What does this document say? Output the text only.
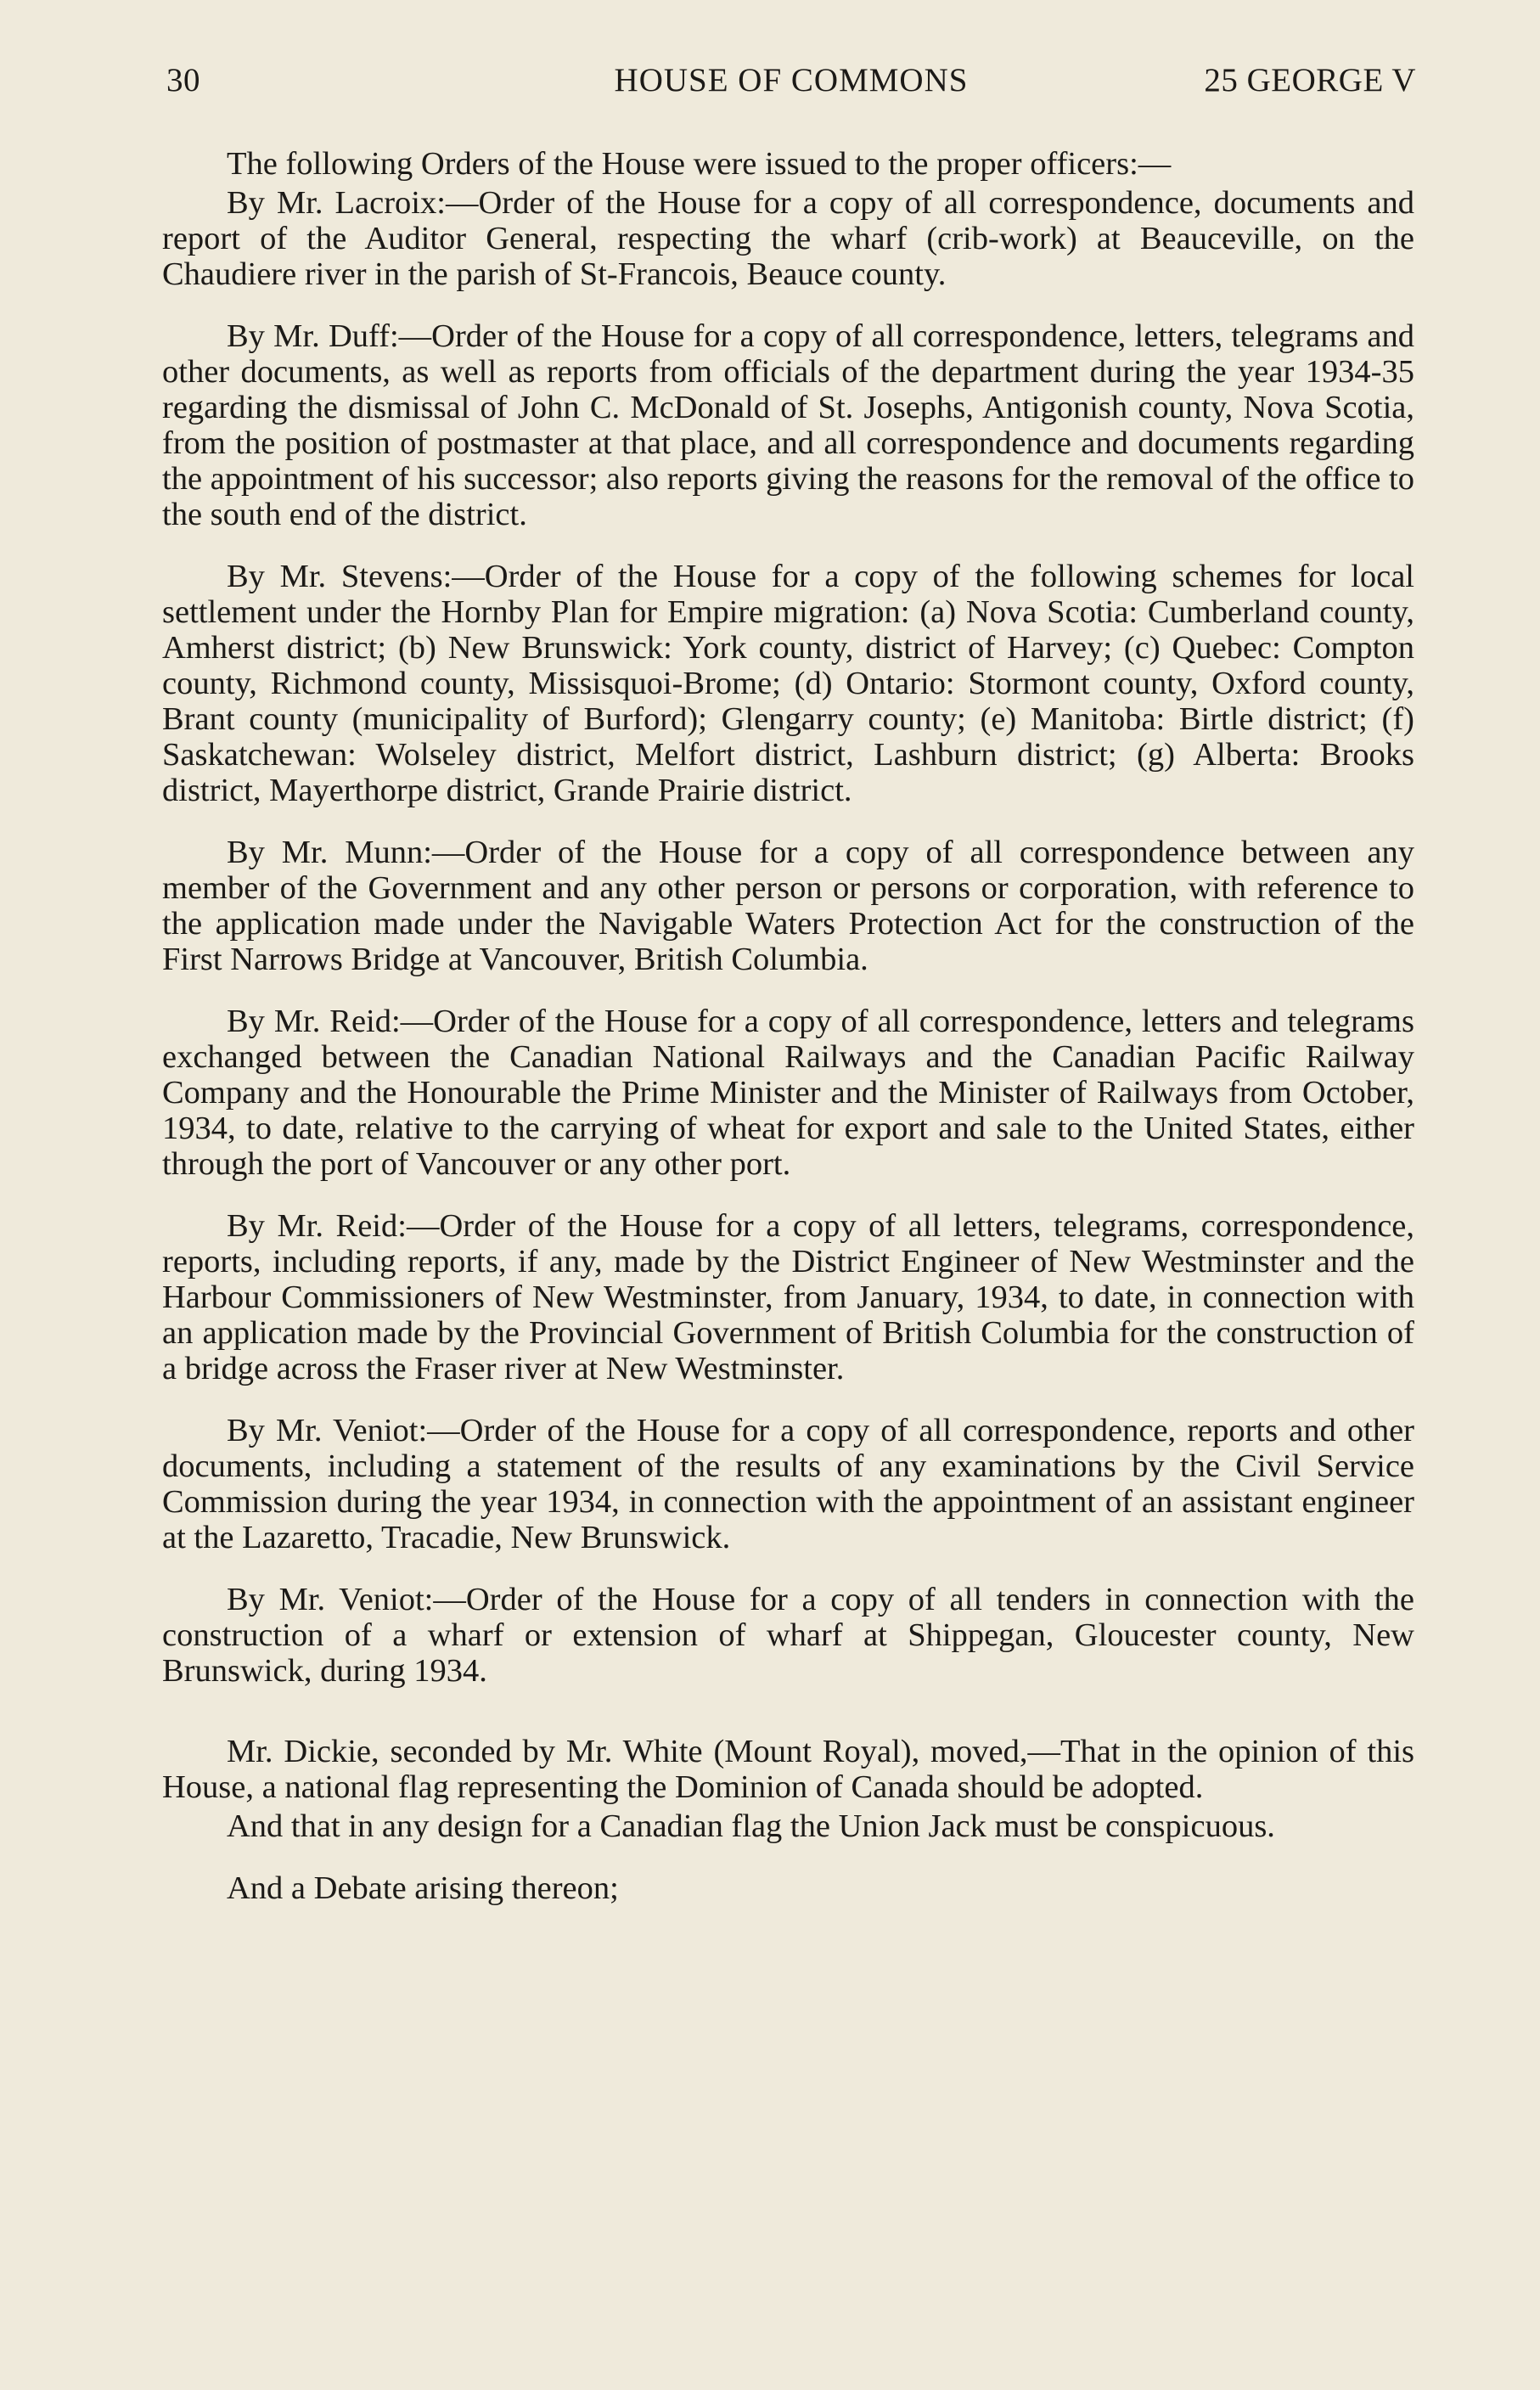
30	HOUSE OF COMMONS	25 GEORGE V

The following Orders of the House were issued to the proper officers:—

By Mr. Lacroix:—Order of the House for a copy of all correspondence, documents and report of the Auditor General, respecting the wharf (crib-work) at Beauceville, on the Chaudiere river in the parish of St-Francois, Beauce county.

By Mr. Duff:—Order of the House for a copy of all correspondence, letters, telegrams and other documents, as well as reports from officials of the department during the year 1934-35 regarding the dismissal of John C. McDonald of St. Josephs, Antigonish county, Nova Scotia, from the position of postmaster at that place, and all correspondence and documents regarding the appointment of his successor; also reports giving the reasons for the removal of the office to the south end of the district.

By Mr. Stevens:—Order of the House for a copy of the following schemes for local settlement under the Hornby Plan for Empire migration: (a) Nova Scotia: Cumberland county, Amherst district; (b) New Brunswick: York county, district of Harvey; (c) Quebec: Compton county, Richmond county, Missisquoi-Brome; (d) Ontario: Stormont county, Oxford county, Brant county (municipality of Burford); Glengarry county; (e) Manitoba: Birtle district; (f) Saskatchewan: Wolseley district, Melfort district, Lashburn district; (g) Alberta: Brooks district, Mayerthorpe district, Grande Prairie district.

By Mr. Munn:—Order of the House for a copy of all correspondence between any member of the Government and any other person or persons or corporation, with reference to the application made under the Navigable Waters Protection Act for the construction of the First Narrows Bridge at Vancouver, British Columbia.

By Mr. Reid:—Order of the House for a copy of all correspondence, letters and telegrams exchanged between the Canadian National Railways and the Canadian Pacific Railway Company and the Honourable the Prime Minister and the Minister of Railways from October, 1934, to date, relative to the carrying of wheat for export and sale to the United States, either through the port of Vancouver or any other port.

By Mr. Reid:—Order of the House for a copy of all letters, telegrams, correspondence, reports, including reports, if any, made by the District Engineer of New Westminster and the Harbour Commissioners of New Westminster, from January, 1934, to date, in connection with an application made by the Provincial Government of British Columbia for the construction of a bridge across the Fraser river at New Westminster.

By Mr. Veniot:—Order of the House for a copy of all correspondence, reports and other documents, including a statement of the results of any examinations by the Civil Service Commission during the year 1934, in connection with the appointment of an assistant engineer at the Lazaretto, Tracadie, New Brunswick.

By Mr. Veniot:—Order of the House for a copy of all tenders in connection with the construction of a wharf or extension of wharf at Shippegan, Gloucester county, New Brunswick, during 1934.

Mr. Dickie, seconded by Mr. White (Mount Royal), moved,—That in the opinion of this House, a national flag representing the Dominion of Canada should be adopted.

And that in any design for a Canadian flag the Union Jack must be conspicuous.

And a Debate arising thereon;
